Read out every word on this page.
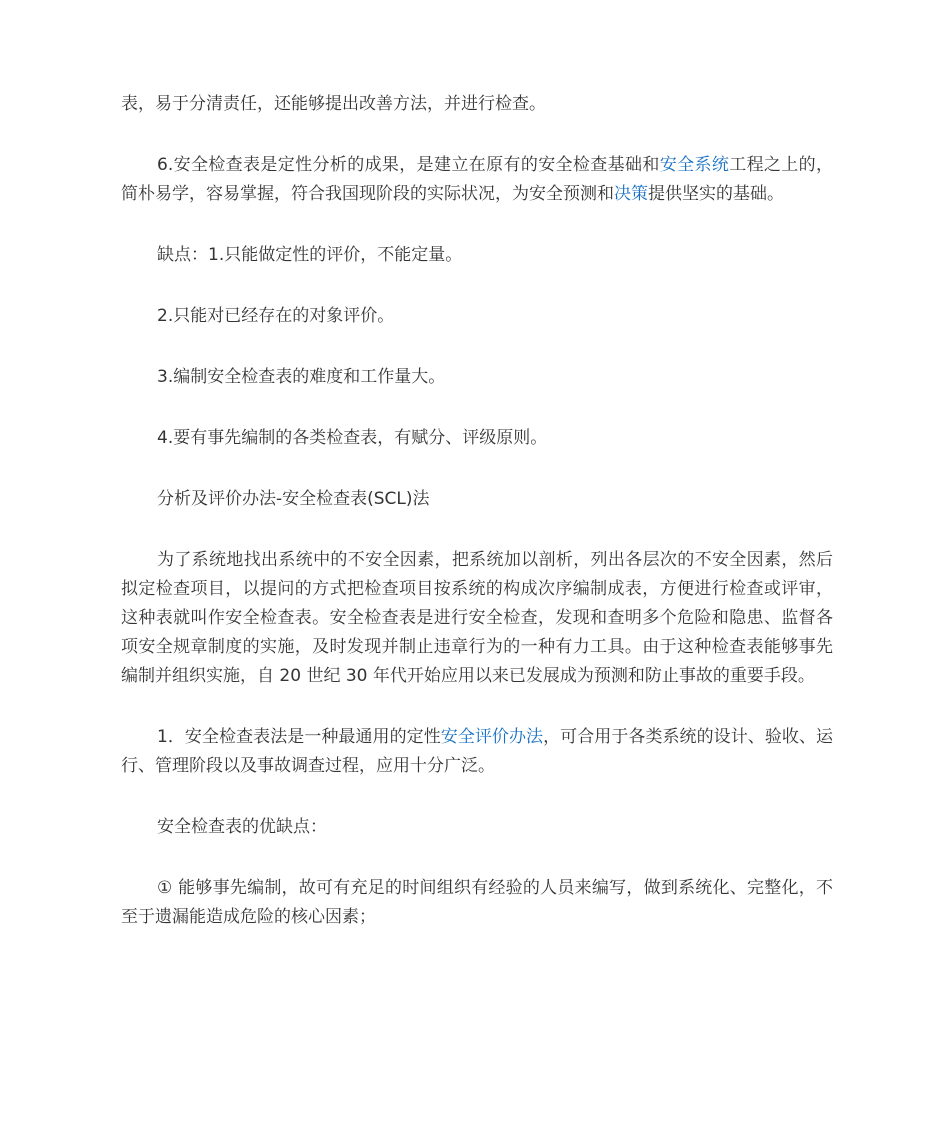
表，易于分清责任，还能够提出改善方法，并进行检查。

6.安全检查表是定性分析的成果，是建立在原有的安全检查基础和安全系统工程之上的，简朴易学，容易掌握，符合我国现阶段的实际状况，为安全预测和决策提供坚实的基础。

缺点：1.只能做定性的评价，不能定量。

2.只能对已经存在的对象评价。

3.编制安全检查表的难度和工作量大。

4.要有事先编制的各类检查表，有赋分、评级原则。

分析及评价办法-安全检查表(SCL)法

为了系统地找出系统中的不安全因素，把系统加以剖析，列出各层次的不安全因素，然后拟定检查项目，以提问的方式把检查项目按系统的构成次序编制成表，方便进行检查或评审，这种表就叫作安全检查表。安全检查表是进行安全检查，发现和查明多个危险和隐患、监督各项安全规章制度的实施，及时发现并制止违章行为的一种有力工具。由于这种检查表能够事先编制并组织实施，自 20 世纪 30 年代开始应用以来已发展成为预测和防止事故的重要手段。

1．安全检查表法是一种最通用的定性安全评价办法，可合用于各类系统的设计、验收、运行、管理阶段以及事故调查过程，应用十分广泛。

安全检查表的优缺点：

① 能够事先编制，故可有充足的时间组织有经验的人员来编写，做到系统化、完整化，不至于遗漏能造成危险的核心因素；
